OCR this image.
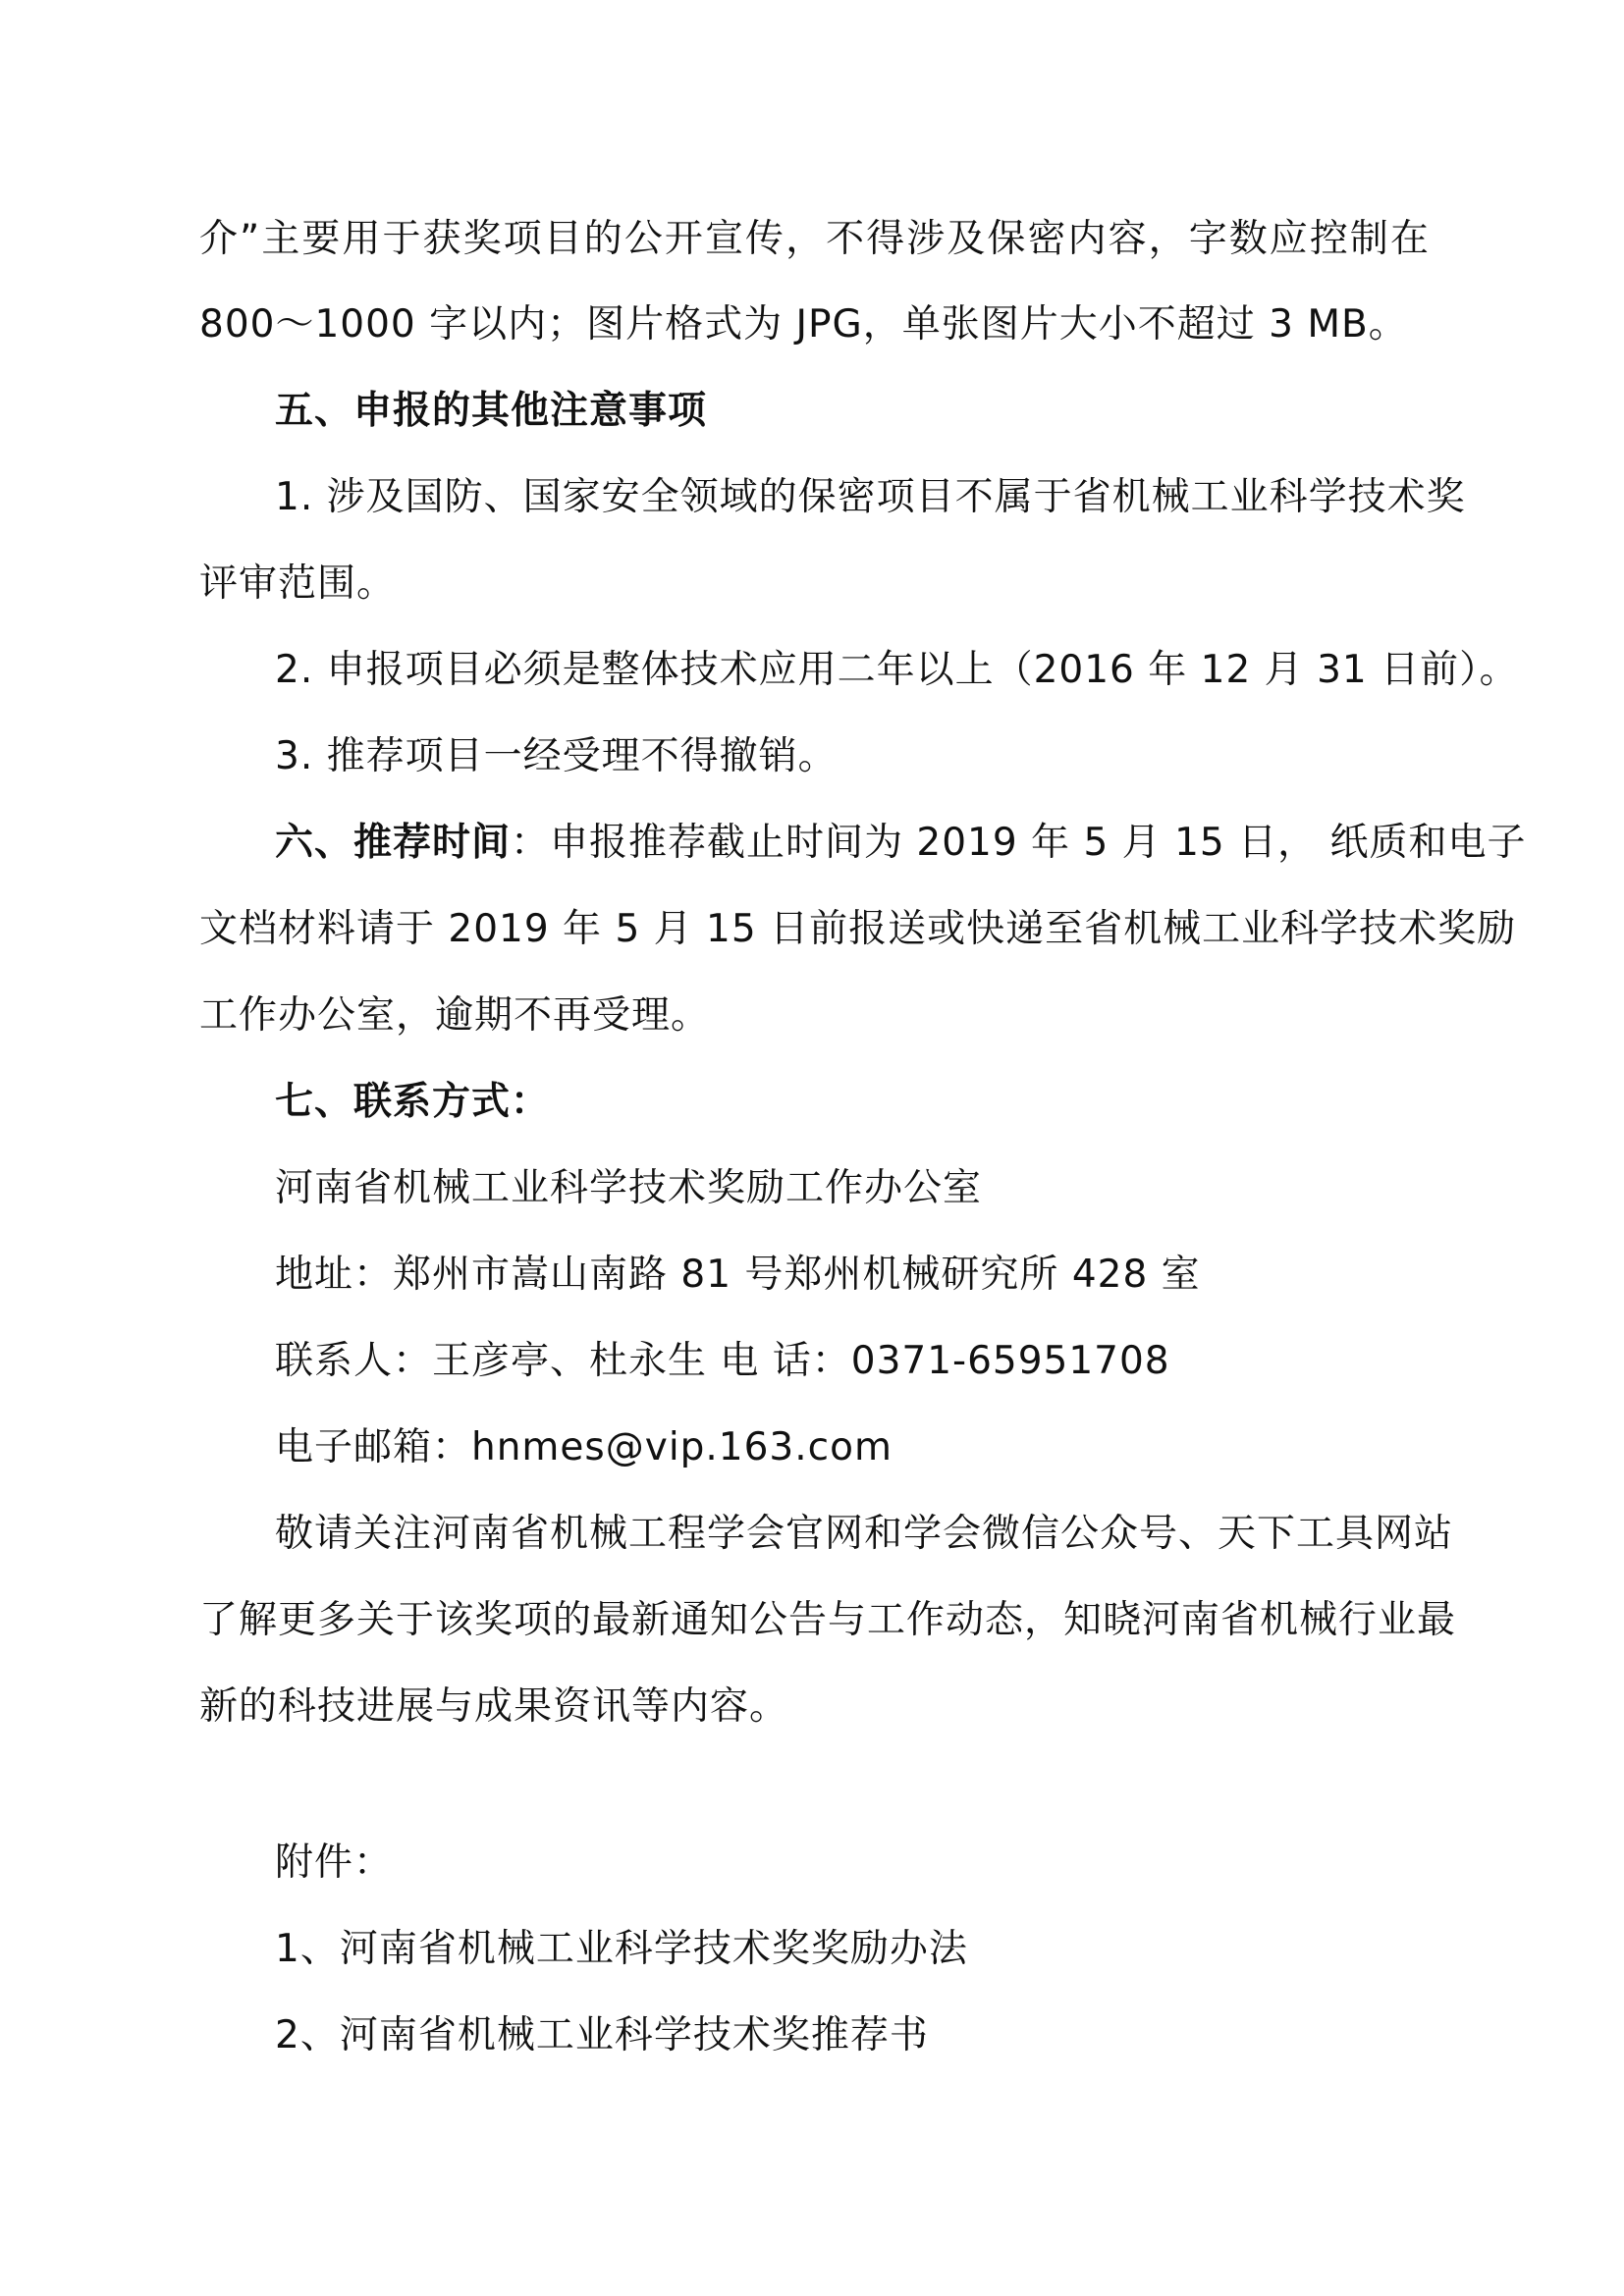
介”主要用于获奖项目的公开宣传，不得涉及保密内容，字数应控制在
800～1000 字以内；图片格式为 JPG，单张图片大小不超过 3 MB。
五、申报的其他注意事项
1. 涉及国防、国家安全领域的保密项目不属于省机械工业科学技术奖
评审范围。
2. 申报项目必须是整体技术应用二年以上（2016 年 12 月 31 日前）。
3. 推荐项目一经受理不得撤销。
六、推荐时间：申报推荐截止时间为 2019 年 5 月 15 日， 纸质和电子
文档材料请于 2019 年 5 月 15 日前报送或快递至省机械工业科学技术奖励
工作办公室，逾期不再受理。
七、联系方式：
河南省机械工业科学技术奖励工作办公室
地址：郑州市嵩山南路 81 号郑州机械研究所 428 室
联系人：王彦亭、杜永生 电 话：0371-65951708
电子邮箱：hnmes@vip.163.com
敬请关注河南省机械工程学会官网和学会微信公众号、天下工具网站
了解更多关于该奖项的最新通知公告与工作动态，知晓河南省机械行业最
新的科技进展与成果资讯等内容。
附件：
1、河南省机械工业科学技术奖奖励办法
2、河南省机械工业科学技术奖推荐书
